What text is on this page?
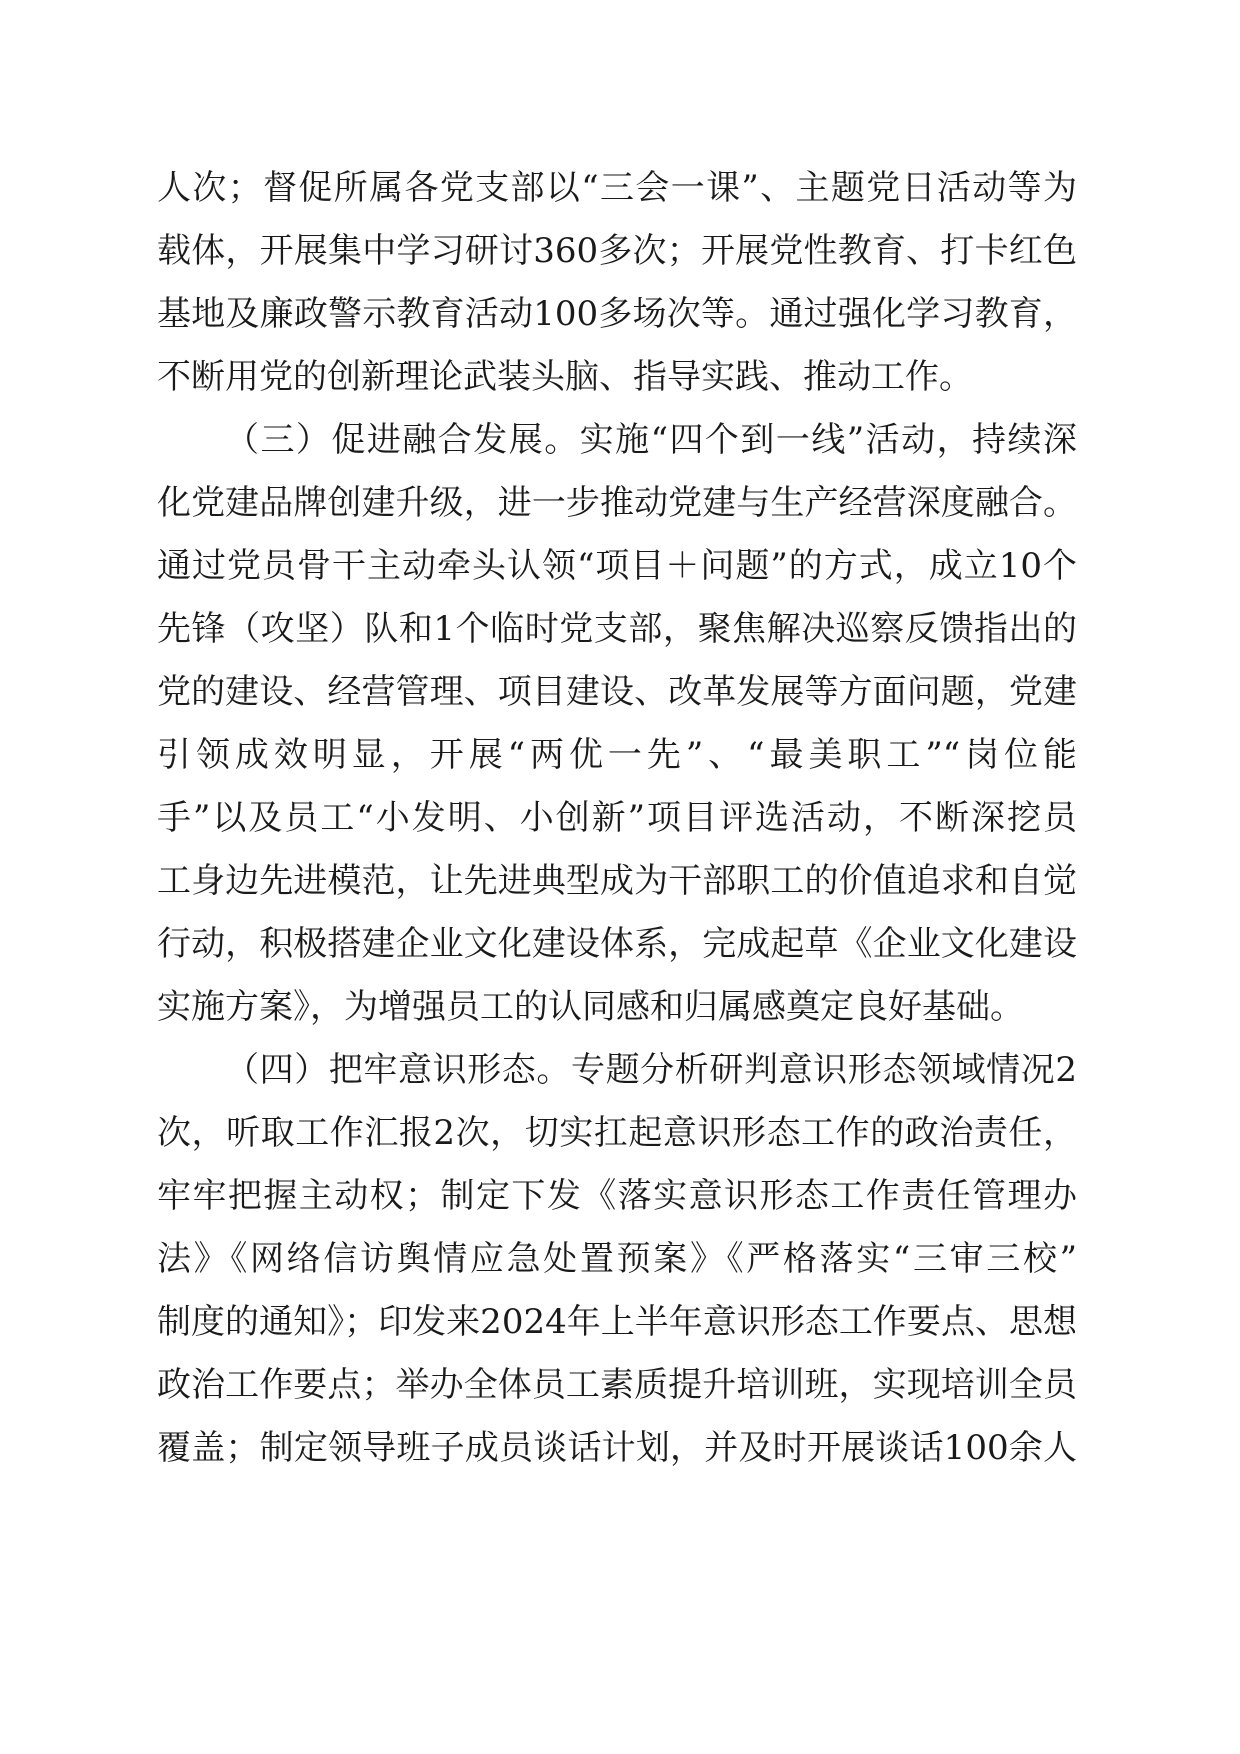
人次；督促所属各党支部以“三会一课”、主题党日活动等为

载体，开展集中学习研讨360多次；开展党性教育、打卡红色

基地及廉政警示教育活动100多场次等。通过强化学习教育，

不断用党的创新理论武装头脑、指导实践、推动工作。

（三）促进融合发展。实施“四个到一线”活动，持续深

化党建品牌创建升级，进一步推动党建与生产经营深度融合。

通过党员骨干主动牵头认领“项目＋问题”的方式，成立10个

先锋（攻坚）队和1个临时党支部，聚焦解决巡察反馈指出的

党的建设、经营管理、项目建设、改革发展等方面问题，党建

引领成效明显，开展“两优一先”、“最美职工”“岗位能

手”以及员工“小发明、小创新”项目评选活动，不断深挖员

工身边先进模范，让先进典型成为干部职工的价值追求和自觉

行动，积极搭建企业文化建设体系，完成起草《企业文化建设

实施方案》，为增强员工的认同感和归属感奠定良好基础。

（四）把牢意识形态。专题分析研判意识形态领域情况2

次，听取工作汇报2次，切实扛起意识形态工作的政治责任，

牢牢把握主动权；制定下发《落实意识形态工作责任管理办

法》《网络信访舆情应急处置预案》《严格落实“三审三校”

制度的通知》；印发来2024年上半年意识形态工作要点、思想

政治工作要点；举办全体员工素质提升培训班，实现培训全员

覆盖；制定领导班子成员谈话计划，并及时开展谈话100余人
